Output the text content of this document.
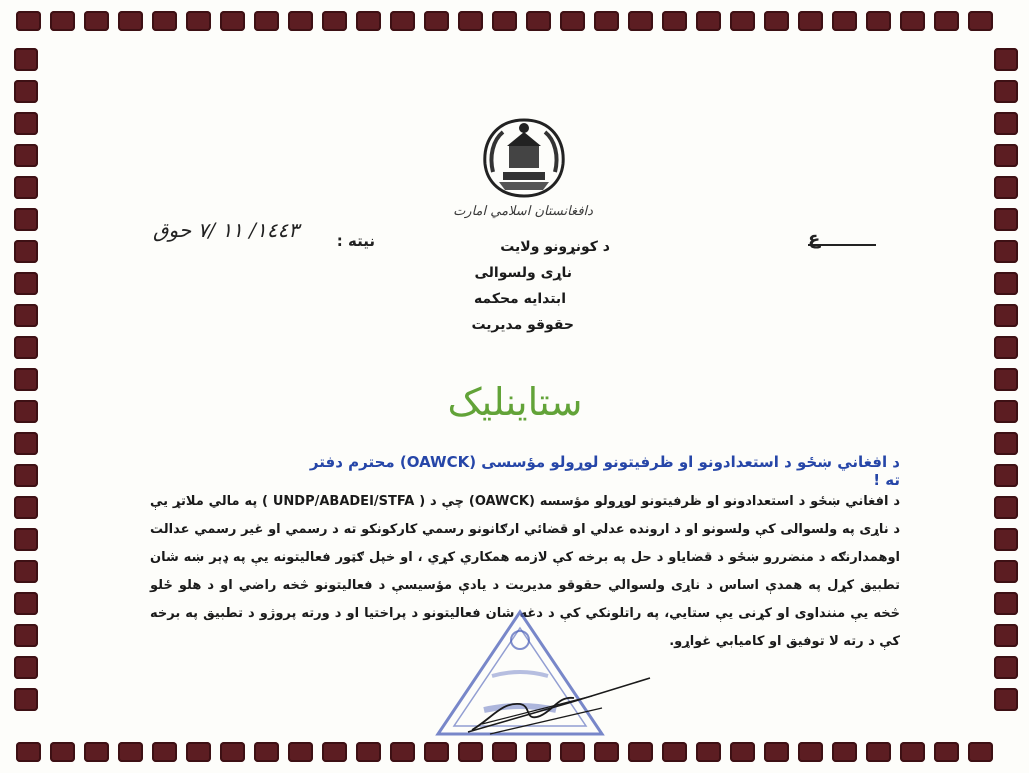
دافغانستان اسلامي امارت
د كونړونو ولايت
ناړى ولسوالى
ابتدايه محكمه
حقوقو مديريت
ع
نيته :
١٤٤٣/ ١١ /٧ حوق
ستاينليک
د افغاني ښځو د استعدادونو او ظرفيتونو لوړولو مؤسسى (OAWCK) محترم دفتر ته !
د افغاني ښځو د استعدادونو او ظرفيتونو لوړولو مؤسسه (OAWCK) چې د ( UNDP/ABADEI/STFA ) په مالي ملاتړ يې د ناړى په ولسوالى كې ولسونو او د ارونده عدلي او قضائي ارګانونو رسمي كاركونكو ته د رسمي او غير رسمي عدالت اوهمدارنګه د منضررو ښځو د قضاياو د حل په برخه كې لازمه همكاري كړي ، او خپل ګټور فعاليتونه يې په ډېر ښه شان تطبيق كړل په همدې اساس د ناړى ولسوالي حقوقو مديريت د يادې مؤسيسې د فعاليتونو څخه راضي او د هلو ځلو څخه يې مننداوى او كړنى يې ستايي، په راتلونكي كې د دغه شان فعاليتونو د پراختيا او د ورته پروژو د تطبيق په برخه كې د رته لا توفيق او كاميابي غواړو.
